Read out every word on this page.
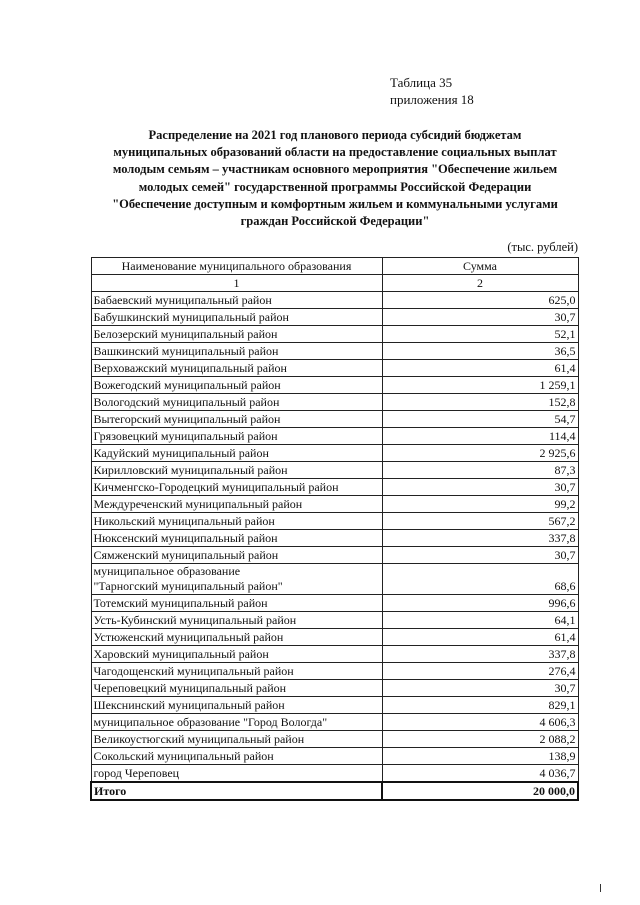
Таблица 35
приложения 18
Распределение на 2021 год планового периода субсидий бюджетам
муниципальных образований области на предоставление социальных выплат
молодым семьям – участникам основного мероприятия "Обеспечение жильем
молодых семей" государственной программы Российской Федерации
"Обеспечение доступным и комфортным жильем и коммунальными услугами
граждан Российской Федерации"
(тыс. рублей)
Наименование муниципального образования	Сумма
1	2
Бабаевский муниципальный район	625,0
Бабушкинский муниципальный район	30,7
Белозерский муниципальный район	52,1
Вашкинский муниципальный район	36,5
Верховажский муниципальный район	61,4
Вожегодский муниципальный район	1 259,1
Вологодский муниципальный район	152,8
Вытегорский муниципальный район	54,7
Грязовецкий муниципальный район	114,4
Кадуйский муниципальный район	2 925,6
Кирилловский муниципальный район	87,3
Кичменгско-Городецкий муниципальный район	30,7
Междуреченский муниципальный район	99,2
Никольский муниципальный район	567,2
Нюксенский муниципальный район	337,8
Сямженский муниципальный район	30,7

муниципальное образование
"Тарногский муниципальный район"	68,6
Тотемский муниципальный район	996,6
Усть-Кубинский муниципальный район	64,1
Устюженский муниципальный район	61,4
Харовский муниципальный район	337,8
Чагодощенский муниципальный район	276,4
Череповецкий муниципальный район	30,7
Шекснинский муниципальный район	829,1
муниципальное образование "Город Вологда"	4 606,3
Великоустюгский муниципальный район	2 088,2
Сокольский муниципальный район	138,9
город Череповец	4 036,7
Итого	20 000,0
